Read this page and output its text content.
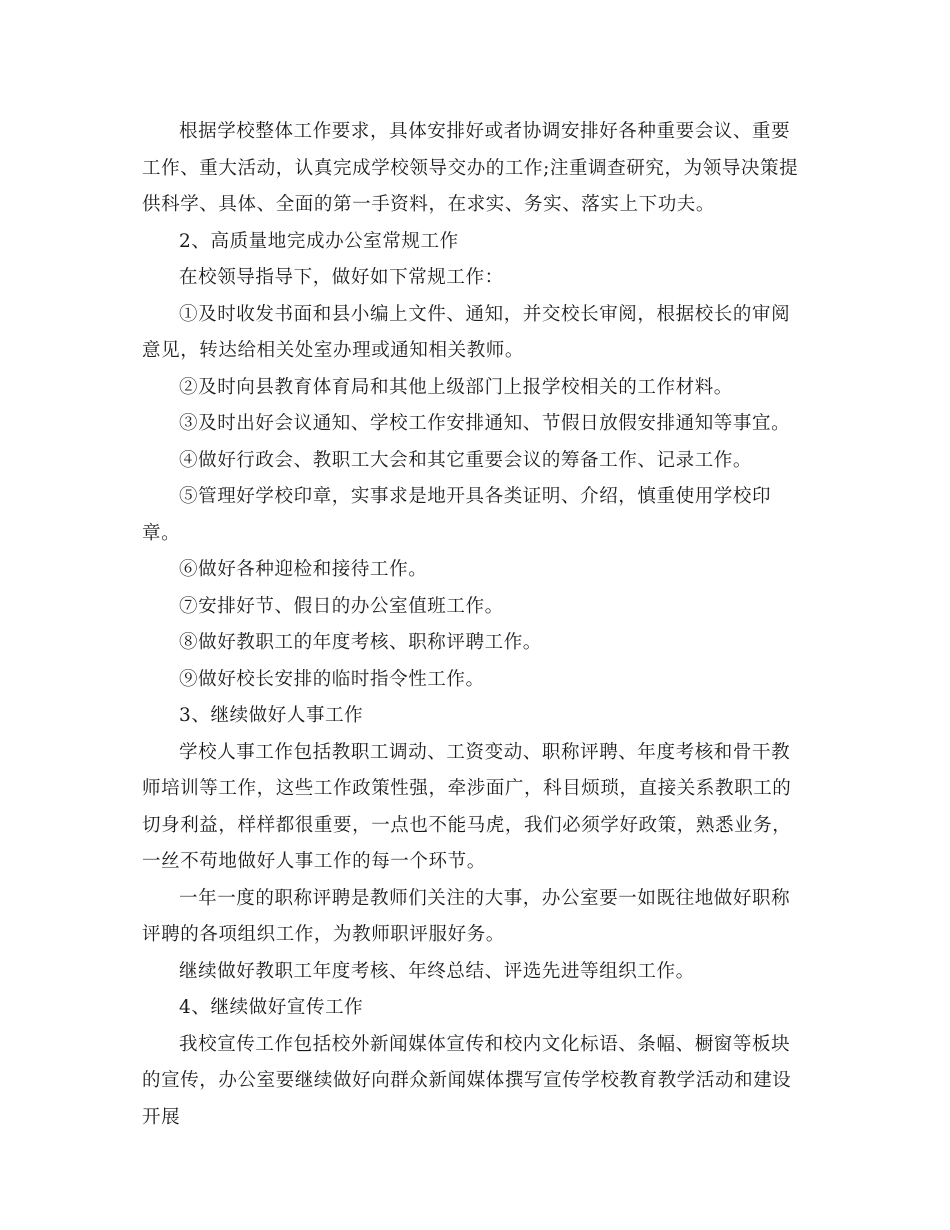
根据学校整体工作要求，具体安排好或者协调安排好各种重要会议、重要工作、重大活动，认真完成学校领导交办的工作;注重调查研究，为领导决策提供科学、具体、全面的第一手资料，在求实、务实、落实上下功夫。

2、高质量地完成办公室常规工作

在校领导指导下，做好如下常规工作：

①及时收发书面和县小编上文件、通知，并交校长审阅，根据校长的审阅意见，转达给相关处室办理或通知相关教师。

②及时向县教育体育局和其他上级部门上报学校相关的工作材料。

③及时出好会议通知、学校工作安排通知、节假日放假安排通知等事宜。

④做好行政会、教职工大会和其它重要会议的筹备工作、记录工作。

⑤管理好学校印章，实事求是地开具各类证明、介绍，慎重使用学校印章。

⑥做好各种迎检和接待工作。

⑦安排好节、假日的办公室值班工作。

⑧做好教职工的年度考核、职称评聘工作。

⑨做好校长安排的临时指令性工作。

3、继续做好人事工作

学校人事工作包括教职工调动、工资变动、职称评聘、年度考核和骨干教师培训等工作，这些工作政策性强，牵涉面广，科目烦琐，直接关系教职工的切身利益，样样都很重要，一点也不能马虎，我们必须学好政策，熟悉业务，一丝不苟地做好人事工作的每一个环节。

一年一度的职称评聘是教师们关注的大事，办公室要一如既往地做好职称评聘的各项组织工作，为教师职评服好务。

继续做好教职工年度考核、年终总结、评选先进等组织工作。

4、继续做好宣传工作

我校宣传工作包括校外新闻媒体宣传和校内文化标语、条幅、橱窗等板块的宣传，办公室要继续做好向群众新闻媒体撰写宣传学校教育教学活动和建设开展
